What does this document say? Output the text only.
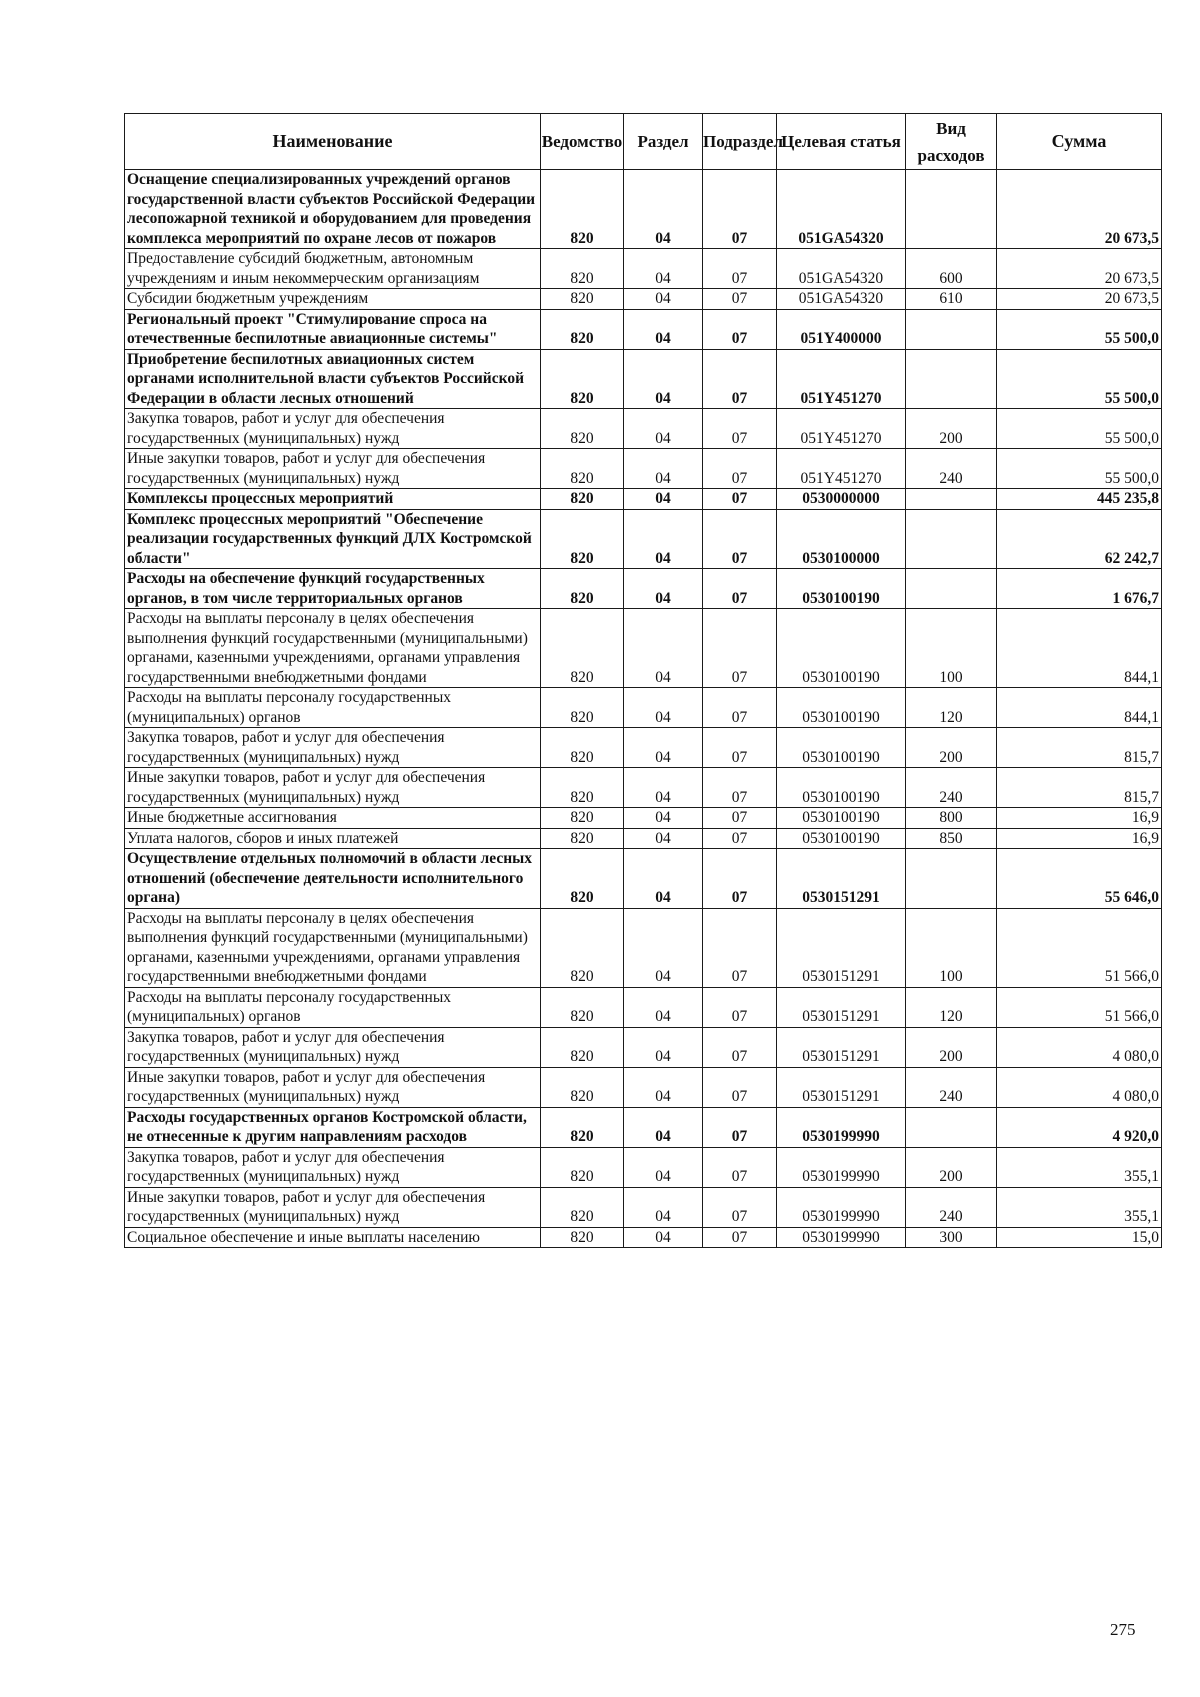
Наименование	Ведомство	Раздел	Подраздел	Целевая статья	Вид расходов	Сумма
Оснащение специализированных учреждений органов государственной власти субъектов Российской Федерации лесопожарной техникой и оборудованием для проведения комплекса мероприятий по охране лесов от пожаров	820	04	07	051GA54320		20 673,5
Предоставление субсидий бюджетным, автономным учреждениям и иным некоммерческим организациям	820	04	07	051GA54320	600	20 673,5
Субсидии бюджетным учреждениям	820	04	07	051GA54320	610	20 673,5
Региональный проект "Стимулирование спроса на отечественные беспилотные авиационные системы"	820	04	07	051Y400000		55 500,0
Приобретение беспилотных авиационных систем органами исполнительной власти субъектов Российской Федерации в области лесных отношений	820	04	07	051Y451270		55 500,0
Закупка товаров, работ и услуг для обеспечения государственных (муниципальных) нужд	820	04	07	051Y451270	200	55 500,0
Иные закупки товаров, работ и услуг для обеспечения государственных (муниципальных) нужд	820	04	07	051Y451270	240	55 500,0
Комплексы процессных мероприятий	820	04	07	0530000000		445 235,8
Комплекс процессных мероприятий "Обеспечение реализации государственных функций ДЛХ Костромской области"	820	04	07	0530100000		62 242,7
Расходы на обеспечение функций государственных органов, в том числе территориальных органов	820	04	07	0530100190		1 676,7
Расходы на выплаты персоналу в целях обеспечения выполнения функций государственными (муниципальными) органами, казенными учреждениями, органами управления государственными внебюджетными фондами	820	04	07	0530100190	100	844,1
Расходы на выплаты персоналу государственных (муниципальных) органов	820	04	07	0530100190	120	844,1
Закупка товаров, работ и услуг для обеспечения государственных (муниципальных) нужд	820	04	07	0530100190	200	815,7
Иные закупки товаров, работ и услуг для обеспечения государственных (муниципальных) нужд	820	04	07	0530100190	240	815,7
Иные бюджетные ассигнования	820	04	07	0530100190	800	16,9
Уплата налогов, сборов и иных платежей	820	04	07	0530100190	850	16,9
Осуществление отдельных полномочий в области лесных отношений (обеспечение деятельности исполнительного органа)	820	04	07	0530151291		55 646,0
Расходы на выплаты персоналу в целях обеспечения выполнения функций государственными (муниципальными) органами, казенными учреждениями, органами управления государственными внебюджетными фондами	820	04	07	0530151291	100	51 566,0
Расходы на выплаты персоналу государственных (муниципальных) органов	820	04	07	0530151291	120	51 566,0
Закупка товаров, работ и услуг для обеспечения государственных (муниципальных) нужд	820	04	07	0530151291	200	4 080,0
Иные закупки товаров, работ и услуг для обеспечения государственных (муниципальных) нужд	820	04	07	0530151291	240	4 080,0
Расходы государственных органов Костромской области, не отнесенные к другим направлениям расходов	820	04	07	0530199990		4 920,0
Закупка товаров, работ и услуг для обеспечения государственных (муниципальных) нужд	820	04	07	0530199990	200	355,1
Иные закупки товаров, работ и услуг для обеспечения государственных (муниципальных) нужд	820	04	07	0530199990	240	355,1
Социальное обеспечение и иные выплаты населению	820	04	07	0530199990	300	15,0
275
